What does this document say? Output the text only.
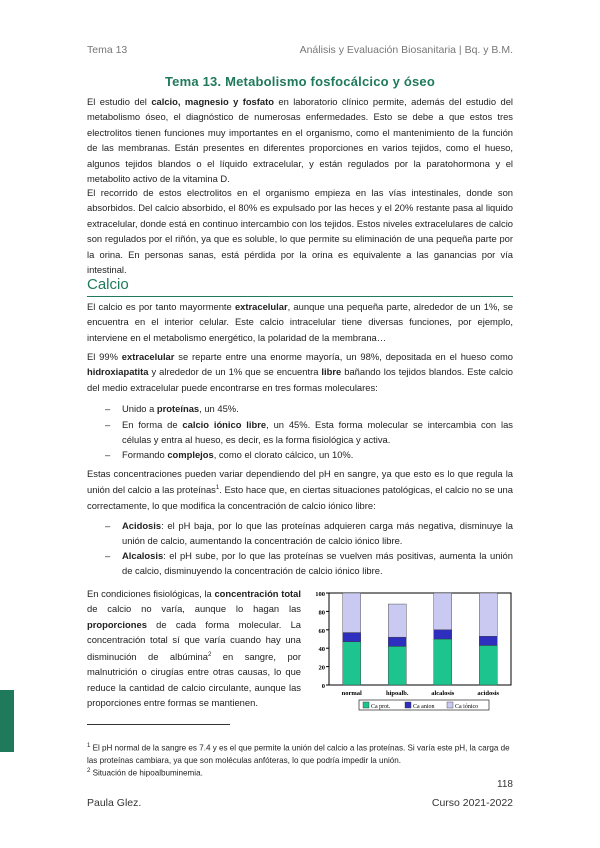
Tema 13	Análisis y Evaluación Biosanitaria | Bq. y B.M.
Tema 13. Metabolismo fosfocálcico y óseo
El estudio del calcio, magnesio y fosfato en laboratorio clínico permite, además del estudio del metabolismo óseo, el diagnóstico de numerosas enfermedades. Esto se debe a que estos tres electrolitos tienen funciones muy importantes en el organismo, como el mantenimiento de la función de las membranas. Están presentes en diferentes proporciones en varios tejidos, como el hueso, algunos tejidos blandos o el líquido extracelular, y están regulados por la paratohormona y el metabolito activo de la vitamina D.
El recorrido de estos electrolitos en el organismo empieza en las vías intestinales, donde son absorbidos. Del calcio absorbido, el 80% es expulsado por las heces y el 20% restante pasa al liquido extracelular, donde está en continuo intercambio con los tejidos. Estos niveles extracelulares de calcio son regulados por el riñón, ya que es soluble, lo que permite su eliminación de una pequeña parte por la orina. En personas sanas, está pérdida por la orina es equivalente a las ganancias por vía intestinal.
Calcio
El calcio es por tanto mayormente extracelular, aunque una pequeña parte, alrededor de un 1%, se encuentra en el interior celular. Este calcio intracelular tiene diversas funciones, por ejemplo, interviene en el metabolismo energético, la polaridad de la membrana…
El 99% extracelular se reparte entre una enorme mayoría, un 98%, depositada en el hueso como hidroxiapatita y alrededor de un 1% que se encuentra libre bañando los tejidos blandos. Este calcio del medio extracelular puede encontrarse en tres formas moleculares:
–	Unido a proteínas, un 45%.
–	En forma de calcio iónico libre, un 45%. Esta forma molecular se intercambia con las células y entra al hueso, es decir, es la forma fisiológica y activa.
–	Formando complejos, como el clorato cálcico, un 10%.
Estas concentraciones pueden variar dependiendo del pH en sangre, ya que esto es lo que regula la unión del calcio a las proteínas$^1$. Esto hace que, en ciertas situaciones patológicas, el calcio no se una correctamente, lo que modifica la concentración de calcio iónico libre:
–	Acidosis: el pH baja, por lo que las proteínas adquieren carga más negativa, disminuye la unión de calcio, aumentando la concentración de calcio iónico libre.
–	Alcalosis: el pH sube, por lo que las proteínas se vuelven más positivas, aumenta la unión de calcio, disminuyendo la concentración de calcio iónico libre.
En condiciones fisiológicas, la concentración total de calcio no varía, aunque lo hagan las proporciones de cada forma molecular. La concentración total sí que varía cuando hay una disminución de albúmina$^2$ en sangre, por malnutrición o cirugías entre otras causas, lo que reduce la cantidad de calcio circulante, aunque las proporciones entre formas se mantienen.
100
80
60
40
20
0
normal	hipoalb.	alcalosis	acidosis
Ca prot.	Ca anion	Ca iónico
$^1$ El pH normal de la sangre es 7.4 y es el que permite la unión del calcio a las proteínas. Si varía este pH, la carga de las proteínas cambiara, ya que son moléculas anfóteras, lo que podría impedir la unión.
$^2$ Situación de hipoalbuminemia.
118
Paula Glez.	Curso 2021-2022
